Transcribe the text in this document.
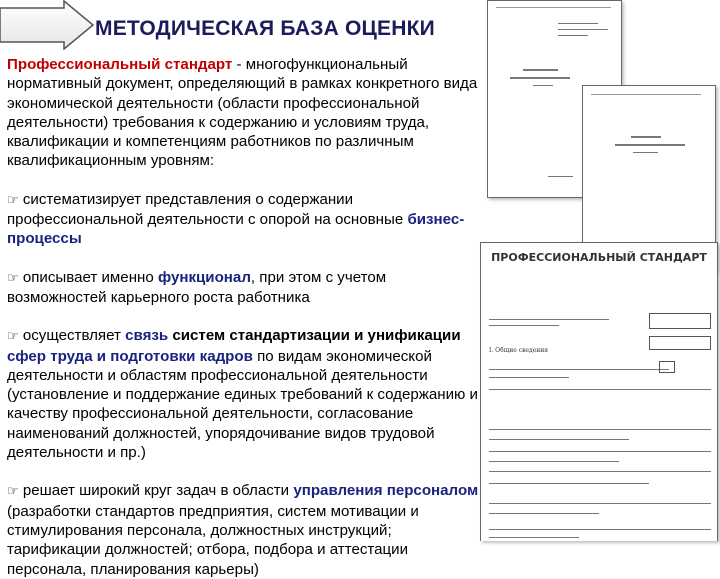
МЕТОДИЧЕСКАЯ БАЗА ОЦЕНКИ

Профессиональный стандарт - многофункциональный нормативный документ, определяющий в рамках конкретного вида экономической деятельности (области профессиональной деятельности) требования к содержанию и условиям труда, квалификации и компетенциям работников по различным квалификационным уровням:

☞ систематизирует представления о содержании профессиональной деятельности с опорой на основные бизнес-процессы

☞ описывает именно функционал, при этом с учетом возможностей карьерного роста работника

☞ осуществляет связь систем стандартизации и унификации сфер труда и подготовки кадров по видам экономической деятельности и областям профессиональной деятельности (установление и поддержание единых требований к содержанию и качеству профессиональной деятельности, согласование наименований должностей, упорядочивание видов трудовой деятельности и пр.)

☞ решает широкий круг задач в области управления персоналом (разработки стандартов предприятия, систем мотивации и стимулирования персонала, должностных инструкций; тарификации должностей; отбора, подбора и аттестации персонала, планирования карьеры)

ПРОФЕССИОНАЛЬНЫЙ СТАНДАРТ
I. Общие сведения
